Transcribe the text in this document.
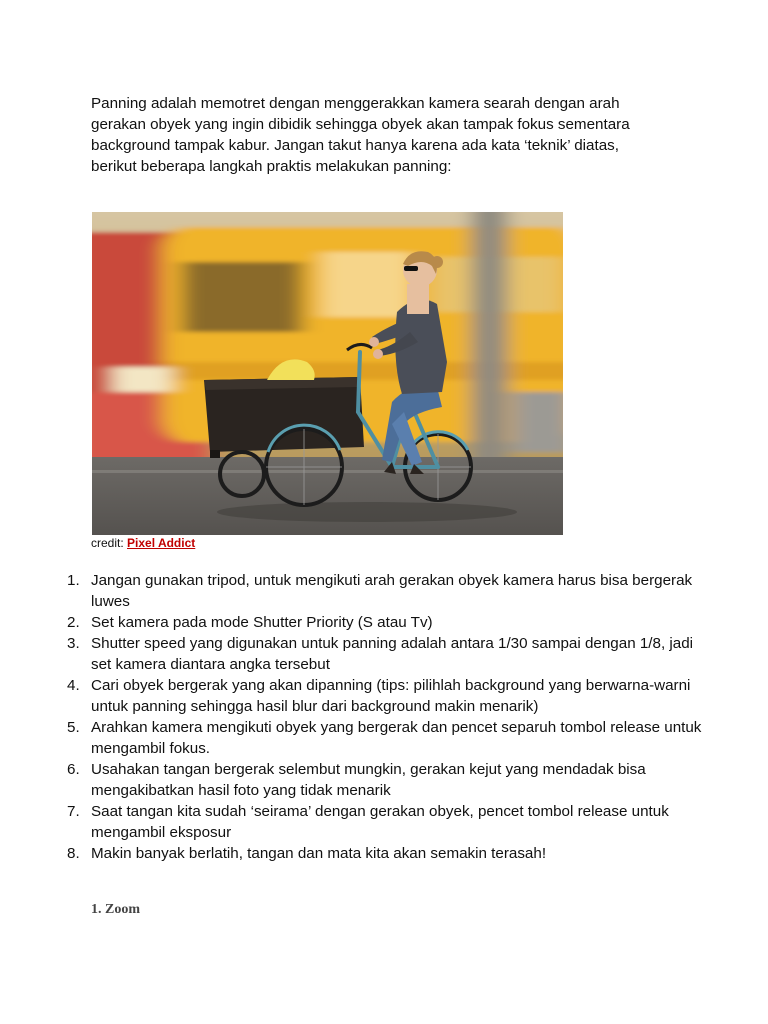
Panning adalah memotret dengan menggerakkan kamera searah dengan arah gerakan obyek yang ingin dibidik sehingga obyek akan tampak fokus sementara background tampak kabur. Jangan takut hanya karena ada kata ‘teknik’ diatas, berikut beberapa langkah praktis melakukan panning:

credit: Pixel Addict

1. Jangan gunakan tripod, untuk mengikuti arah gerakan obyek kamera harus bisa bergerak luwes
2. Set kamera pada mode Shutter Priority (S atau Tv)
3. Shutter speed yang digunakan untuk panning adalah antara 1/30 sampai dengan 1/8, jadi set kamera diantara angka tersebut
4. Cari obyek bergerak yang akan dipanning (tips: pilihlah background yang berwarna-warni untuk panning sehingga hasil blur dari background makin menarik)
5. Arahkan kamera mengikuti obyek yang bergerak dan pencet separuh tombol release untuk mengambil fokus.
6. Usahakan tangan bergerak selembut mungkin, gerakan kejut yang mendadak bisa mengakibatkan hasil foto yang tidak menarik
7. Saat tangan kita sudah ‘seirama’ dengan gerakan obyek, pencet tombol release untuk mengambil eksposur
8. Makin banyak berlatih, tangan dan mata kita akan semakin terasah!
1. Zoom
